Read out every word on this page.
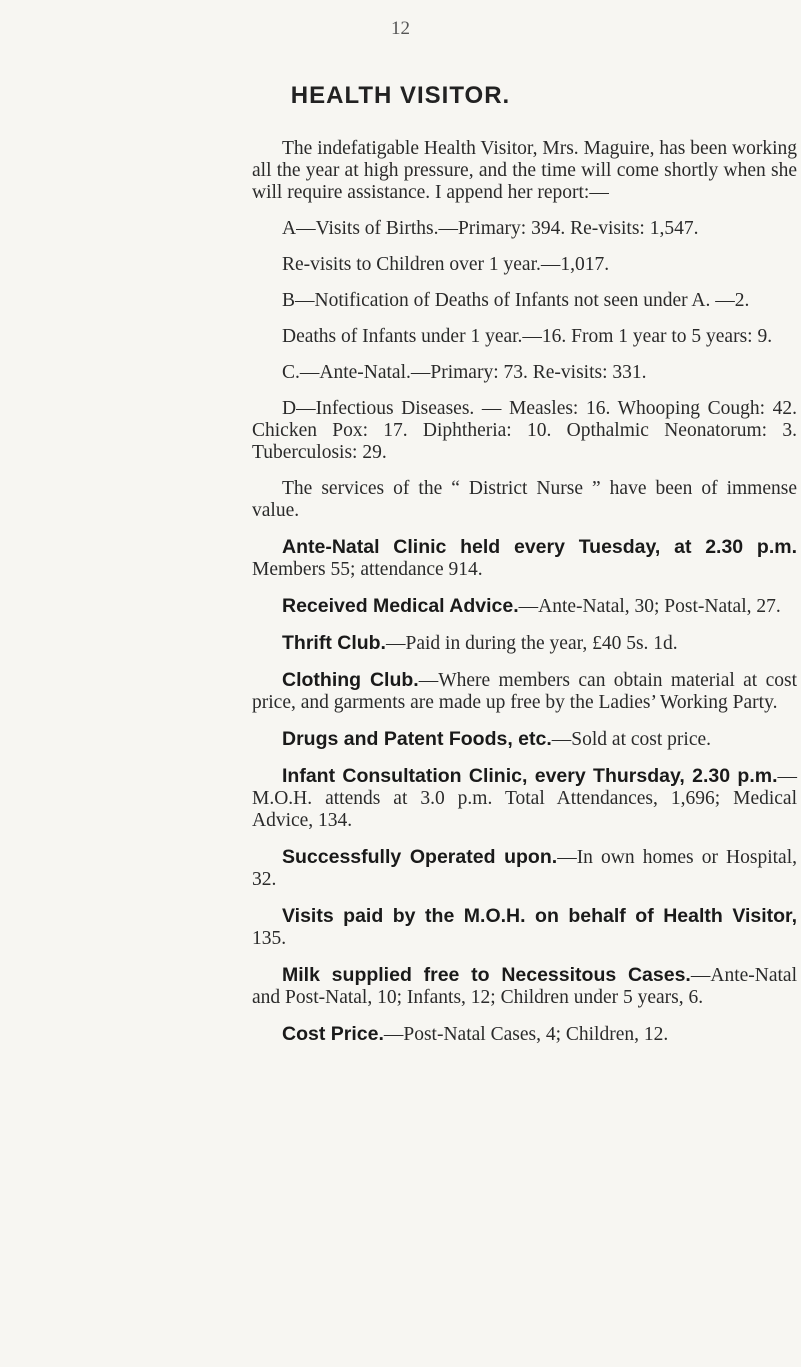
12
HEALTH VISITOR.

The indefatigable Health Visitor, Mrs. Maguire, has been working all the year at high pressure, and the time will come shortly when she will require assistance. I append her report:—

A—Visits of Births.—Primary: 394. Re-visits: 1,547.

Re-visits to Children over 1 year.—1,017.

B—Notification of Deaths of Infants not seen under A. —2.

Deaths of Infants under 1 year.—16. From 1 year to 5 years: 9.

C.—Ante-Natal.—Primary: 73. Re-visits: 331.

D—Infectious Diseases. — Measles: 16. Whooping Cough: 42. Chicken Pox: 17. Diphtheria: 10. Opthalmic Neonatorum: 3. Tuberculosis: 29.

The services of the “ District Nurse ” have been of immense value.

Ante-Natal Clinic held every Tuesday, at 2.30 p.m. Members 55; attendance 914.

Received Medical Advice.—Ante-Natal, 30; Post-Natal, 27.

Thrift Club.—Paid in during the year, £40 5s. 1d.

Clothing Club.—Where members can obtain material at cost price, and garments are made up free by the Ladies’ Working Party.

Drugs and Patent Foods, etc.—Sold at cost price.

Infant Consultation Clinic, every Thursday, 2.30 p.m.—M.O.H. attends at 3.0 p.m. Total Attendances, 1,696; Medical Advice, 134.

Successfully Operated upon.—In own homes or Hospital, 32.

Visits paid by the M.O.H. on behalf of Health Visitor, 135.

Milk supplied free to Necessitous Cases.—Ante-Natal and Post-Natal, 10; Infants, 12; Children under 5 years, 6.

Cost Price.—Post-Natal Cases, 4; Children, 12.
